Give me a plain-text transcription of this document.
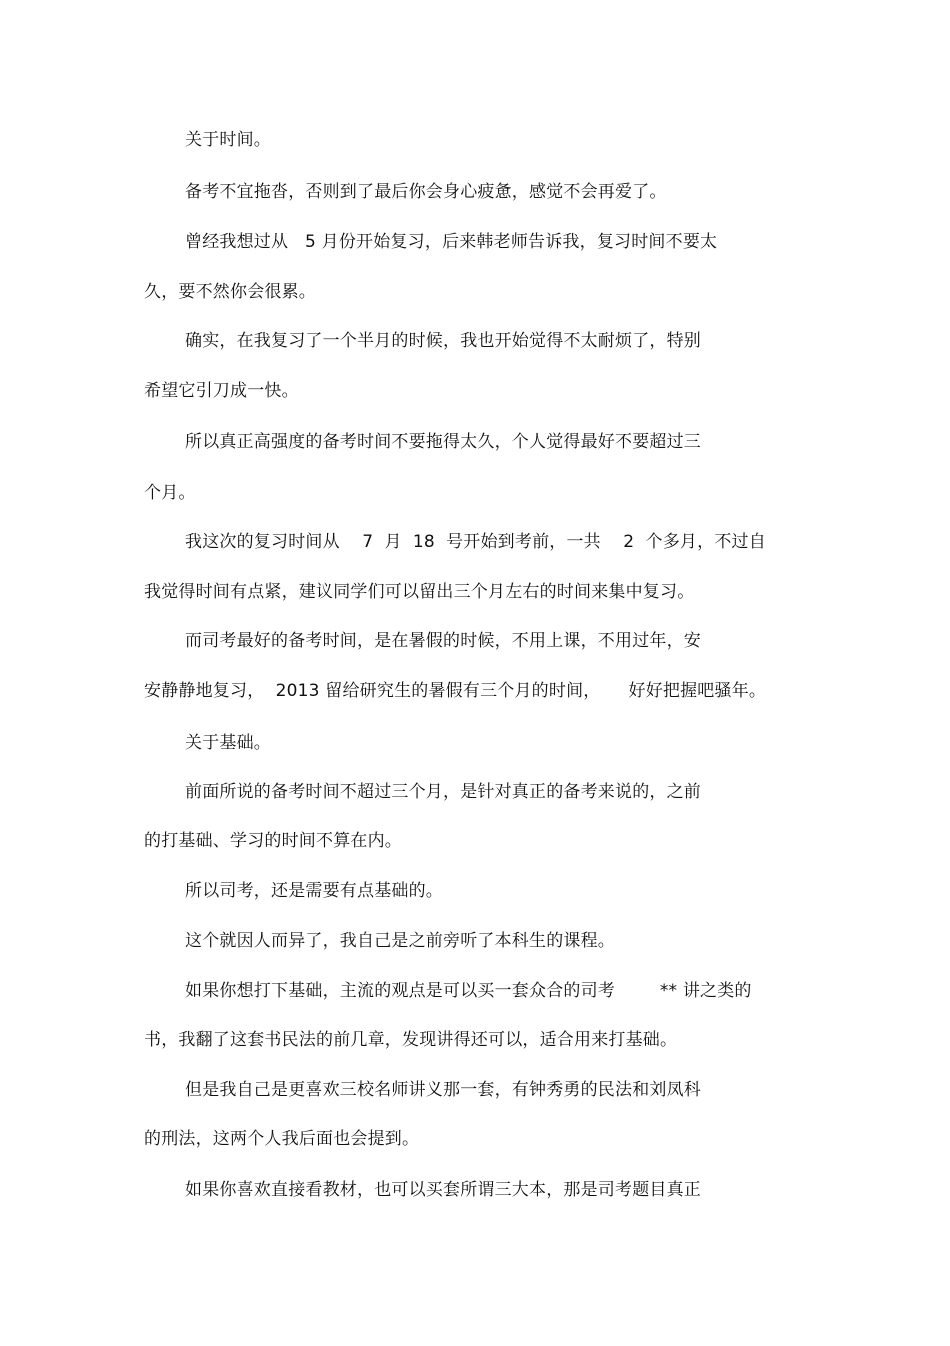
关于时间。
备考不宜拖沓，否则到了最后你会身心疲惫，感觉不会再爱了。
曾经我想过从   5 月份开始复习，后来韩老师告诉我，复习时间不要太
久，要不然你会很累。
确实，在我复习了一个半月的时候，我也开始觉得不太耐烦了，特别
希望它引刀成一快。
所以真正高强度的备考时间不要拖得太久，个人觉得最好不要超过三
个月。
我这次的复习时间从    7  月  18  号开始到考前，一共    2  个多月，不过自
我觉得时间有点紧，建议同学们可以留出三个月左右的时间来集中复习。
而司考最好的备考时间，是在暑假的时候，不用上课，不用过年，安
安静静地复习，  2013 留给研究生的暑假有三个月的时间，     好好把握吧骚年。
关于基础。
前面所说的备考时间不超过三个月，是针对真正的备考来说的，之前
的打基础、学习的时间不算在内。
所以司考，还是需要有点基础的。
这个就因人而异了，我自己是之前旁听了本科生的课程。
如果你想打下基础，主流的观点是可以买一套众合的司考        ** 讲之类的
书，我翻了这套书民法的前几章，发现讲得还可以，适合用来打基础。
但是我自己是更喜欢三校名师讲义那一套，有钟秀勇的民法和刘凤科
的刑法，这两个人我后面也会提到。
如果你喜欢直接看教材，也可以买套所谓三大本，那是司考题目真正
